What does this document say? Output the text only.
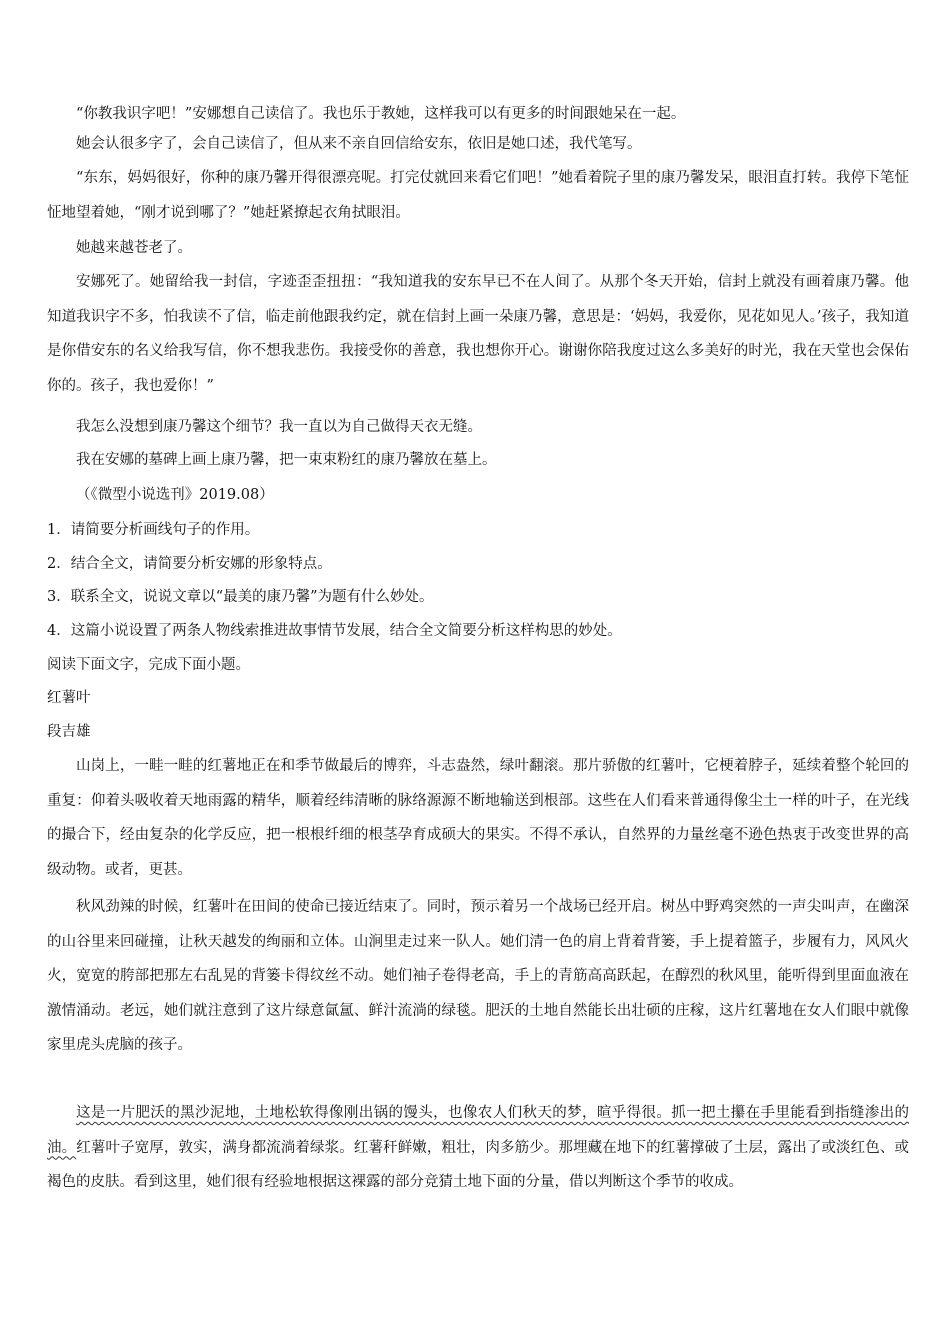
“你教我识字吧！”安娜想自己读信了。我也乐于教她，这样我可以有更多的时间跟她呆在一起。

她会认很多字了，会自己读信了，但从来不亲自回信给安东，依旧是她口述，我代笔写。

“东东，妈妈很好，你种的康乃馨开得很漂亮呢。打完仗就回来看它们吧！”她看着院子里的康乃馨发呆，眼泪直打转。我停下笔怔怔地望着她，“刚才说到哪了？”她赶紧撩起衣角拭眼泪。

她越来越苍老了。

安娜死了。她留给我一封信，字迹歪歪扭扭：“我知道我的安东早已不在人间了。从那个冬天开始，信封上就没有画着康乃馨。他知道我识字不多，怕我读不了信，临走前他跟我约定，就在信封上画一朵康乃馨，意思是：‘妈妈，我爱你，见花如见人。’孩子，我知道是你借安东的名义给我写信，你不想我悲伤。我接受你的善意，我也想你开心。谢谢你陪我度过这么多美好的时光，我在天堂也会保佑你的。孩子，我也爱你！”

我怎么没想到康乃馨这个细节？我一直以为自己做得天衣无缝。

我在安娜的墓碑上画上康乃馨，把一束束粉红的康乃馨放在墓上。

（《微型小说选刊》2019.08）

1．请简要分析画线句子的作用。

2．结合全文，请简要分析安娜的形象特点。

3．联系全文，说说文章以“最美的康乃馨”为题有什么妙处。

4．这篇小说设置了两条人物线索推进故事情节发展，结合全文简要分析这样构思的妙处。

阅读下面文字，完成下面小题。

红薯叶

段吉雄

山岗上，一畦一畦的红薯地正在和季节做最后的博弈，斗志盎然，绿叶翻滚。那片骄傲的红薯叶，它梗着脖子，延续着整个轮回的重复：仰着头吸收着天地雨露的精华，顺着经纬清晰的脉络源源不断地输送到根部。这些在人们看来普通得像尘土一样的叶子，在光线的撮合下，经由复杂的化学反应，把一根根纤细的根茎孕育成硕大的果实。不得不承认，自然界的力量丝毫不逊色热衷于改变世界的高级动物。或者，更甚。

秋风劲辣的时候，红薯叶在田间的使命已接近结束了。同时，预示着另一个战场已经开启。树丛中野鸡突然的一声尖叫声，在幽深的山谷里来回碰撞，让秋天越发的绚丽和立体。山涧里走过来一队人。她们清一色的肩上背着背篓，手上提着篮子，步履有力，风风火火，宽宽的胯部把那左右乱晃的背篓卡得纹丝不动。她们袖子卷得老高，手上的青筋高高跃起，在醇烈的秋风里，能听得到里面血液在激情涌动。老远，她们就注意到了这片绿意氤氲、鲜汁流淌的绿毯。肥沃的土地自然能长出壮硕的庄稼，这片红薯地在女人们眼中就像家里虎头虎脑的孩子。

这是一片肥沃的黑沙泥地，土地松软得像刚出锅的馒头，也像农人们秋天的梦，暄乎得很。抓一把土攥在手里能看到指缝渗出的油。红薯叶子宽厚，敦实，满身都流淌着绿浆。红薯秆鲜嫩，粗壮，肉多筋少。那埋藏在地下的红薯撑破了土层，露出了或淡红色、或褐色的皮肤。看到这里，她们很有经验地根据这裸露的部分竞猜土地下面的分量，借以判断这个季节的收成。
